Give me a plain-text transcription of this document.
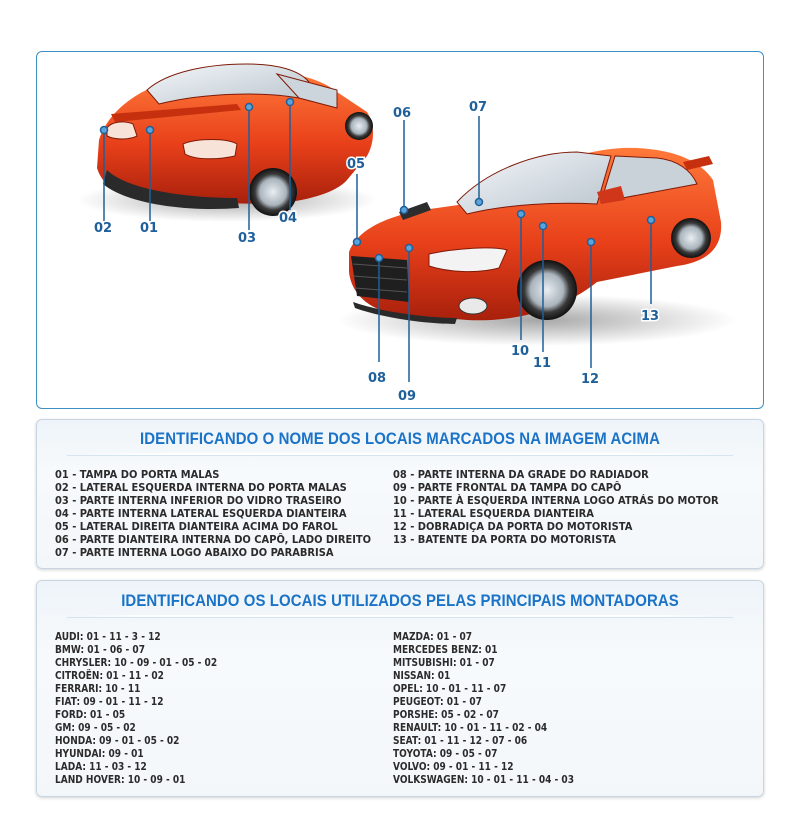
01
02
03
04
05
06	07
08
09
10
11
12
13
IDENTIFICANDO O NOME DOS LOCAIS MARCADOS NA IMAGEM ACIMA
01 - TAMPA DO PORTA MALAS
02 - LATERAL ESQUERDA INTERNA DO PORTA MALAS
03 - PARTE INTERNA INFERIOR DO VIDRO TRASEIRO
04 - PARTE INTERNA LATERAL ESQUERDA DIANTEIRA
05 - LATERAL DIREITA DIANTEIRA ACIMA DO FAROL
06 - PARTE DIANTEIRA INTERNA DO CAPÔ, LADO DIREITO
07 - PARTE INTERNA LOGO ABAIXO DO PARABRISA
08 - PARTE INTERNA DA GRADE DO RADIADOR
09 - PARTE FRONTAL DA TAMPA DO CAPÔ
10 - PARTE À ESQUERDA INTERNA LOGO ATRÁS DO MOTOR
11 - LATERAL ESQUERDA DIANTEIRA
12 - DOBRADIÇA DA PORTA DO MOTORISTA
13 - BATENTE DA PORTA DO MOTORISTA
IDENTIFICANDO OS LOCAIS UTILIZADOS PELAS PRINCIPAIS MONTADORAS
AUDI: 01 - 11 - 3 - 12
BMW: 01 - 06 - 07
CHRYSLER: 10 - 09 - 01 - 05 - 02
CITROËN: 01 - 11 - 02
FERRARI: 10 - 11
FIAT: 09 - 01 - 11 - 12
FORD: 01 - 05
GM: 09 - 05 - 02
HONDA: 09 - 01 - 05 - 02
HYUNDAI: 09 - 01
LADA: 11 - 03 - 12
LAND HOVER: 10 - 09 - 01
MAZDA: 01 - 07
MERCEDES BENZ: 01
MITSUBISHI: 01 - 07
NISSAN: 01
OPEL: 10 - 01 - 11 - 07
PEUGEOT: 01 - 07
PORSHE: 05 - 02 - 07
RENAULT: 10 - 01 - 11 - 02 - 04
SEAT: 01 - 11 - 12 - 07 - 06
TOYOTA: 09 - 05 - 07
VOLVO: 09 - 01 - 11 - 12
VOLKSWAGEN: 10 - 01 - 11 - 04 - 03
